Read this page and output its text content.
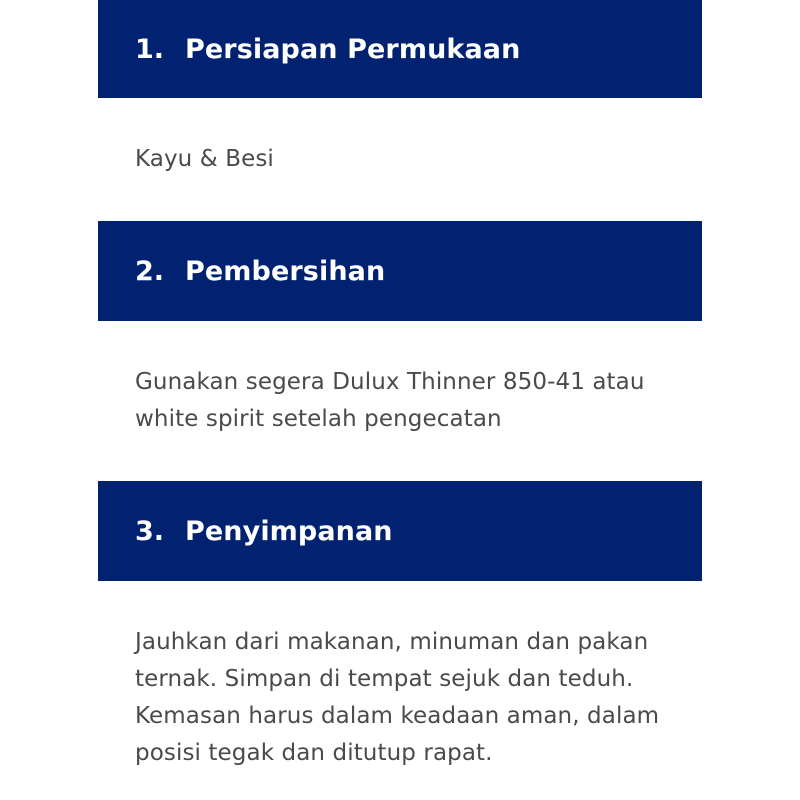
1. Persiapan Permukaan

Kayu & Besi

2. Pembersihan
Gunakan segera Dulux Thinner 850-41 atau
white spirit setelah pengecatan
3. Penyimpanan
Jauhkan dari makanan, minuman dan pakan
ternak. Simpan di tempat sejuk dan teduh.
Kemasan harus dalam keadaan aman, dalam
posisi tegak dan ditutup rapat.
